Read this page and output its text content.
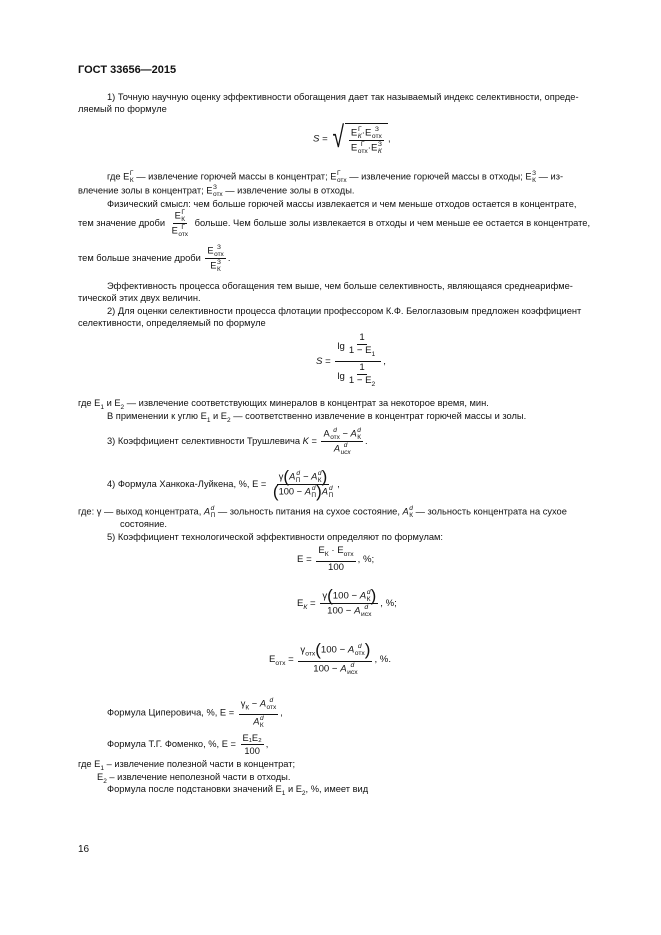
ГОСТ 33656—2015
1) Точную научную оценку эффективности обогащения дает так называемый индекс селективности, опреде-
ляемый по формуле
S = √ Е Г
К ·Е З
отх
Е Г
отх ·Е З
К ,
где Е Г
К — извлечение горючей массы в концентрат; Е Г
отх — извлечение горючей массы в отходы; Е З
К — из-
влечение золы в концентрат; Е З
отх — извлечение золы в отходы.
Физический смысл: чем больше горючей массы извлекается и чем меньше отходов остается в концентрате,
тем значение дроби Е Г
К
Е Г
отх больше. Чем больше золы извлекается в отходы и чем меньше ее остается в концентрате,
тем больше значение дроби Е З
отх
Е З
К .
Эффективность процесса обогащения тем выше, чем больше селективность, являющаяся среднеарифме-
тической этих двух величин.
2) Для оценки селективности процесса флотации профессором К.Ф. Белоглазовым предложен коэффициент
селективности, определяемый по формуле
$S = \frac{\lg \frac{1}{1 - Е_1}}{\lg \frac{1}{1 - Е_2}}$ ,
где $Е_1$ и $Е_2$ — извлечение соответствующих минералов в концентрат за некоторое время, мин.
В применении к углю $Е_1$ и $Е_2$ — соответственно извлечение в концентрат горючей массы и золы.
3) Коэффициент селективности Трушлевича K = A d
отх − A d
К
A d
исх .
4) Формула Ханкока-Луйкена, %, Е = γ(A d
П − A d
К )
(100 − A d
П )A d
П ,
где: γ — выход концентрата, A d
П — зольность питания на сухое состояние, A d
К — зольность концентрата на сухое
состояние.
5) Коэффициент технологической эффективности определяют по формулам:
$Е = \frac{Е_К \cdot Е_{отх}}{100}$ , %;
$Е_К = \gamma(100 - A$ d
К )
100 − A d
исх , %;
$Е_{отх} = \gamma_{отх}(100 - A$ d
отх )
100 − A d
исх , %.
Формула Циперовича, %, $Е = \gamma_К - A$ d
отх
A d
К ,
Формула Т.Г. Фоменко, %, $Е = \frac{\text{Е₁Е₂}}{100}$ ,
где $Е_1$ – извлечение полезной части в концентрат;
$Е_2$ – извлечение неполезной части в отходы.
Формула после подстановки значений $Е_1$ и $Е_2$, %, имеет вид
16
